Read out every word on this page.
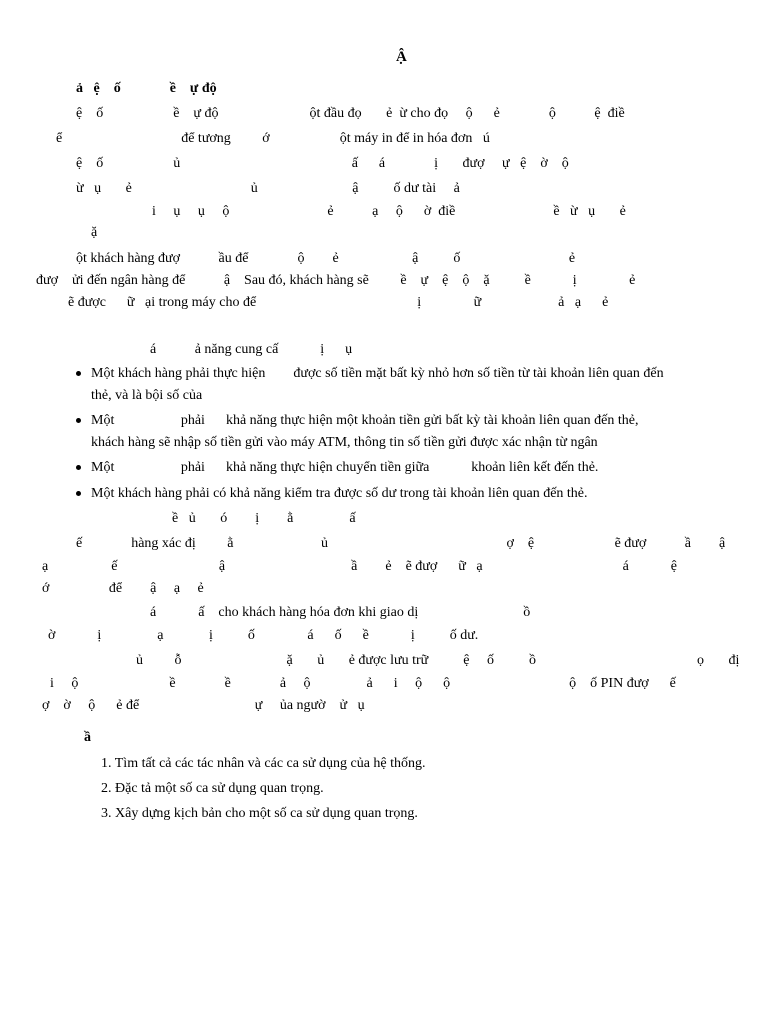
Ậ
ả   ệ    ố              ề    ự độ
ệ    ố                    ề    ự độ                          ột đầu đọ       ẻ  ừ cho đọ     ộ      ẻ              ộ           ệ  điề
ể                                  để tương         ớ                    ột máy in để in hóa đơn   ú
ệ    ố                    ủ                                                 ấ      á              ị       đượ     ự   ệ    ờ    ộ
ừ   ụ       ẻ                                  ủ                           ậ          ố dư tài     ả
i     ụ     ụ     ộ                            ẻ           ạ     ộ      ờ  điề                            ề   ừ   ụ       ẻ
ặ
ột khách hàng đượ           ầu để              ộ        ẻ                     ậ          ố                               ẻ
đượ    ửi đến ngân hàng để           ậ    Sau đó, khách hàng sẽ         ề    ự    ệ    ộ    ặ          ề            ị               ẻ
ẽ được      ữ   ại trong máy cho để                                              ị               ữ                      ả   ạ      ẻ
á           ả năng cung cấ            ị      ụ
Một khách hàng phải thực hiện        được số tiền mặt bất kỳ nhỏ hơn số tiền từ tài khoản liên quan đến
thẻ, và là bội số của
Một                   phải      khả năng thực hiện một khoản tiền gửi bất kỳ tài khoản liên quan đến thẻ,
khách hàng sẽ nhập số tiền gửi vào máy ATM, thông tin số tiền gửi được xác nhận từ ngân
Một                   phải      khả năng thực hiện chuyển tiền giữa            khoản liên kết đến thẻ.
Một khách hàng phải có khả năng kiểm tra được số dư trong tài khoản liên quan đến thẻ.
ề   ủ       ó        ị        ằ                ấ
ế              hàng xác đị         ằ                         ủ                                                   ợ    ệ                       ẽ đượ           ầ        ậ
ạ                  ế                             ậ                                    ầ        ẻ    ẽ đượ      ữ   ạ                                        á            ệ
ớ                 để        ậ     ạ     ẻ
á            ấ    cho khách hàng hóa đơn khi giao dị                              ồ
ờ            ị                ạ             ị          ố               á      ố      ề            ị          ố dư.
ủ         ỗ                              ặ       ủ       ẻ được lưu trữ          ệ     ố          ồ                                              ọ       đị
i     ộ                          ề              ề              ả     ộ                ả      i     ộ      ộ                                  ộ    ố PIN đượ      ế
ợ    ờ     ộ      ẻ để                                 ự     ủa ngườ    ử   ụ
ầ
1. Tìm tất cả các tác nhân và các ca sử dụng của hệ thống.
2. Đặc tả một số ca sử dụng quan trọng.
3. Xây dựng kịch bản cho một số ca sử dụng quan trọng.
